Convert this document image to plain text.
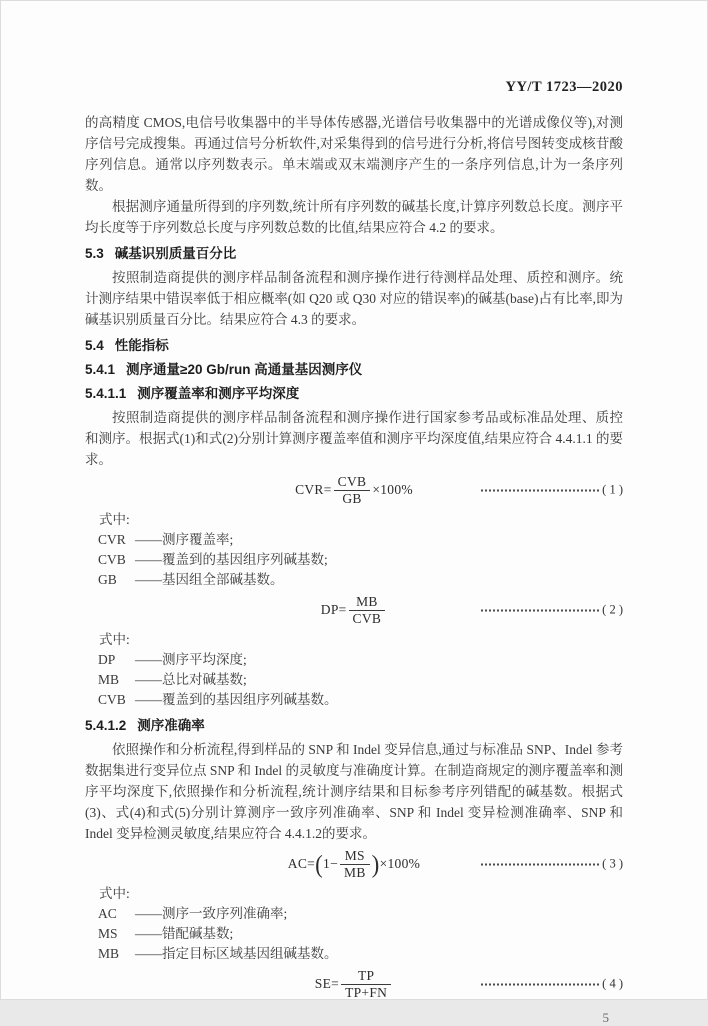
YY/T 1723—2020

的高精度 CMOS,电信号收集器中的半导体传感器,光谱信号收集器中的光谱成像仪等),对测序信号完成搜集。再通过信号分析软件,对采集得到的信号进行分析,将信号图转变成核苷酸序列信息。通常以序列数表示。单末端或双末端测序产生的一条序列信息,计为一条序列数。

根据测序通量所得到的序列数,统计所有序列数的碱基长度,计算序列数总长度。测序平均长度等于序列数总长度与序列数总数的比值,结果应符合 4.2 的要求。

5.3 碱基识别质量百分比

按照制造商提供的测序样品制备流程和测序操作进行待测样品处理、质控和测序。统计测序结果中错误率低于相应概率(如 Q20 或 Q30 对应的错误率)的碱基(base)占有比率,即为碱基识别质量百分比。结果应符合 4.3 的要求。

5.4 性能指标
5.4.1 测序通量≥20 Gb/run 高通量基因测序仪
5.4.1.1 测序覆盖率和测序平均深度

按照制造商提供的测序样品制备流程和测序操作进行国家参考品或标准品处理、质控和测序。根据式(1)和式(2)分别计算测序覆盖率值和测序平均深度值,结果应符合 4.4.1.1 的要求。

CVR = $\frac{\text{CVB}}{GB} \times 100\%$	( 1 )
式中:
CVR ——测序覆盖率;
CVB ——覆盖到的基因组序列碱基数;
GB ——基因组全部碱基数。
DP = $\frac{MB}{\text{CVB}}$	( 2 )
式中:
DP ——测序平均深度;
MB ——总比对碱基数;
CVB ——覆盖到的基因组序列碱基数。
5.4.1.2 测序准确率

依照操作和分析流程,得到样品的 SNP 和 Indel 变异信息,通过与标准品 SNP、Indel 参考数据集进行变异位点 SNP 和 Indel 的灵敏度与准确度计算。在制造商规定的测序覆盖率和测序平均深度下,依照操作和分析流程,统计测序结果和目标参考序列错配的碱基数。根据式(3)、式(4)和式(5)分别计算测序一致序列准确率、SNP 和 Indel 变异检测准确率、SNP 和 Indel 变异检测灵敏度,结果应符合 4.4.1.2的要求。

AC = ( $1- \frac{MS}{MB}$ ) ×100%	( 3 )
式中:
AC ——测序一致序列准确率;
MS ——错配碱基数;
MB ——指定目标区域基因组碱基数。
SE = $\frac{TP}{TP+FN}$	( 4 )
5
